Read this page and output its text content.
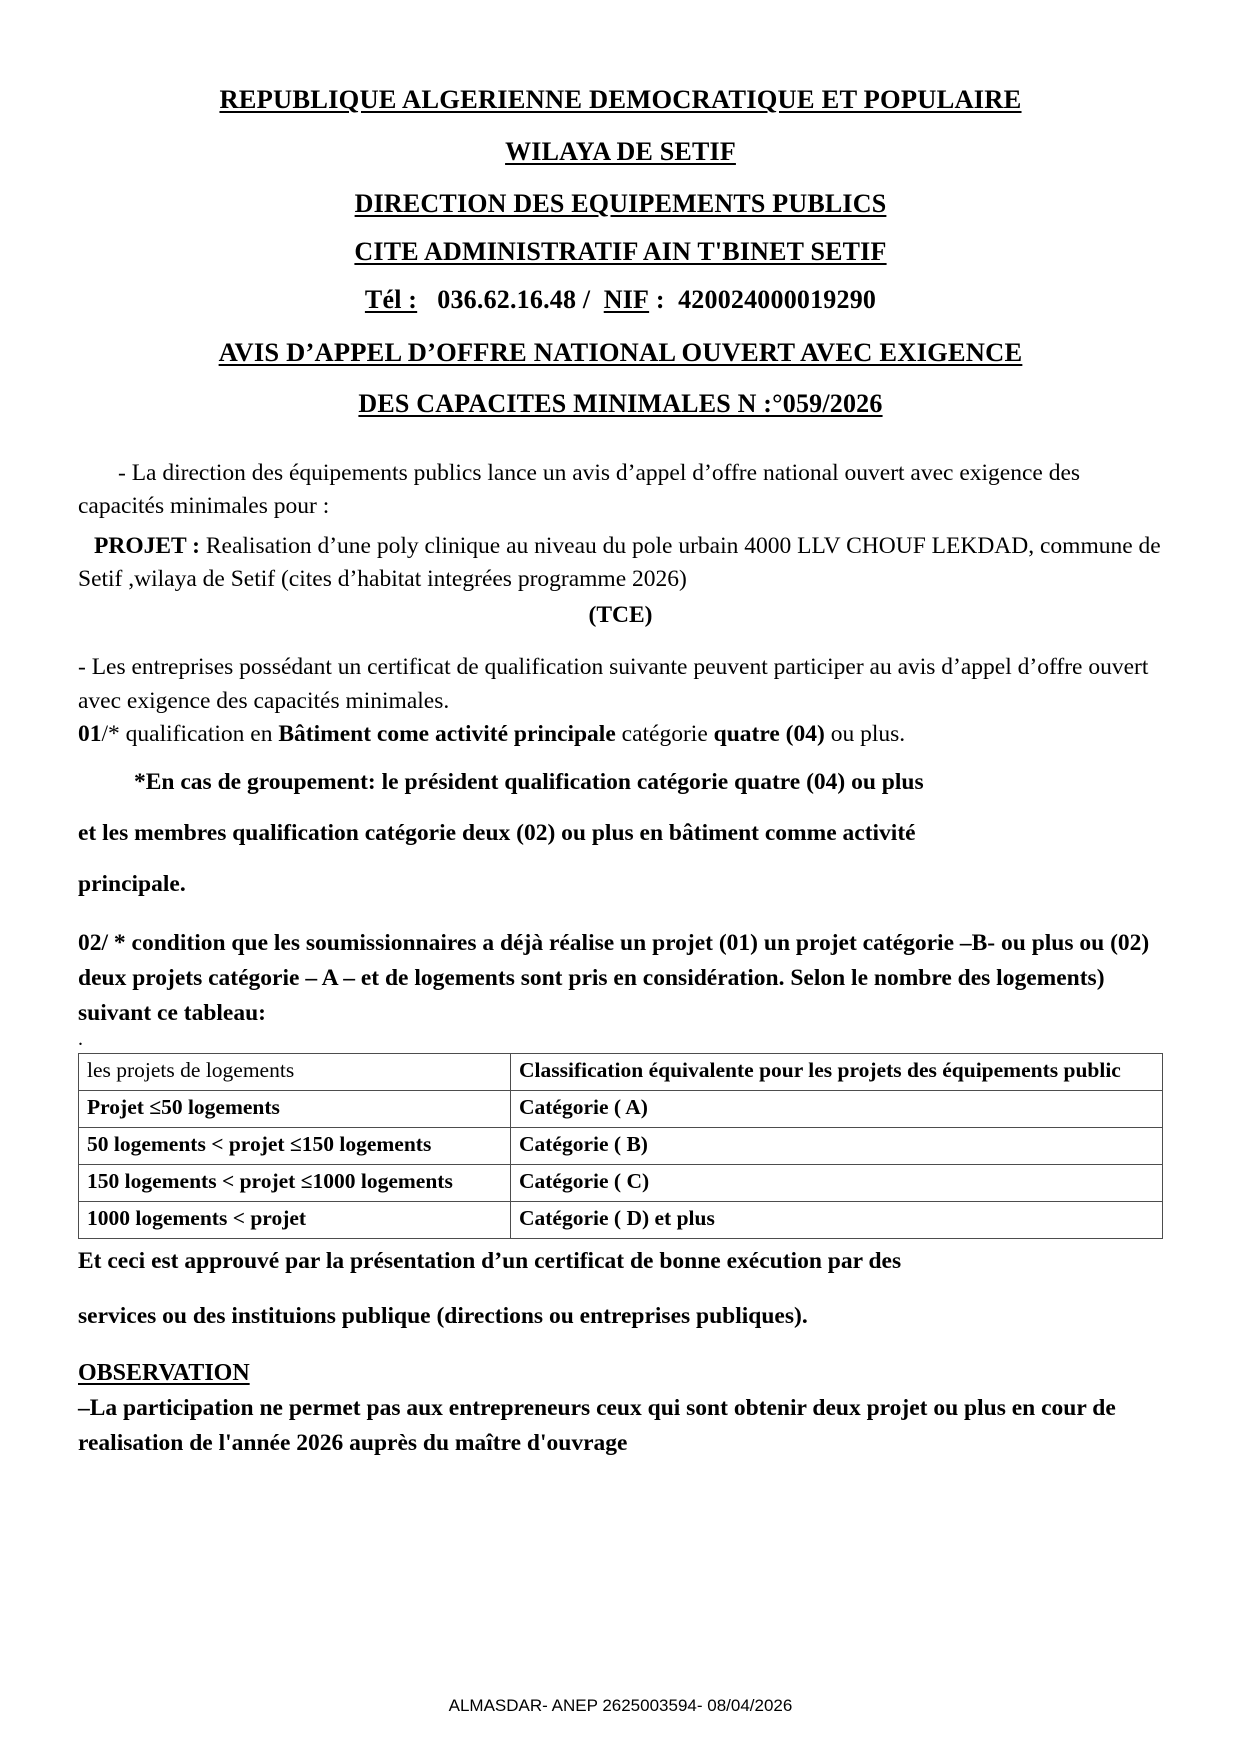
REPUBLIQUE ALGERIENNE DEMOCRATIQUE ET POPULAIRE
WILAYA DE SETIF
DIRECTION DES EQUIPEMENTS PUBLICS
CITE ADMINISTRATIF AIN T'BINET SETIF
Tél : 036.62.16.48 / NIF : 420024000019290
AVIS D’APPEL D’OFFRE NATIONAL OUVERT AVEC EXIGENCE
DES CAPACITES MINIMALES N :°059/2026

- La direction des équipements publics lance un avis d’appel d’offre national ouvert avec exigence des capacités minimales pour :

PROJET : Realisation d’une poly clinique au niveau du pole urbain 4000 LLV CHOUF LEKDAD, commune de Setif ,wilaya de Setif (cites d’habitat integrées programme 2026)

(TCE)

- Les entreprises possédant un certificat de qualification suivante peuvent participer au avis d’appel d’offre ouvert avec exigence des capacités minimales.

01/* qualification en Bâtiment come activité principale catégorie quatre (04) ou plus.

*En cas de groupement: le président qualification catégorie quatre (04) ou plus

et les membres qualification catégorie deux (02) ou plus en bâtiment comme activité

principale.

02/ * condition que les soumissionnaires a déjà réalise un projet (01) un projet catégorie –B- ou plus ou (02) deux projets catégorie – A – et de logements sont pris en considération. Selon le nombre des logements) suivant ce tableau:

.

les projets de logements	Classification équivalente pour les projets des équipements public
Projet ≤50 logements	Catégorie ( A)
50 logements < projet ≤150 logements	Catégorie ( B)
150 logements < projet ≤1000 logements	Catégorie ( C)
1000 logements < projet	Catégorie ( D) et plus

Et ceci est approuvé par la présentation d’un certificat de bonne exécution par des

services ou des instituions publique (directions ou entreprises publiques).

OBSERVATION

–La participation ne permet pas aux entrepreneurs ceux qui sont obtenir deux projet ou plus en cour de realisation de l'année 2026 auprès du maître d'ouvrage

ALMASDAR- ANEP 2625003594- 08/04/2026
